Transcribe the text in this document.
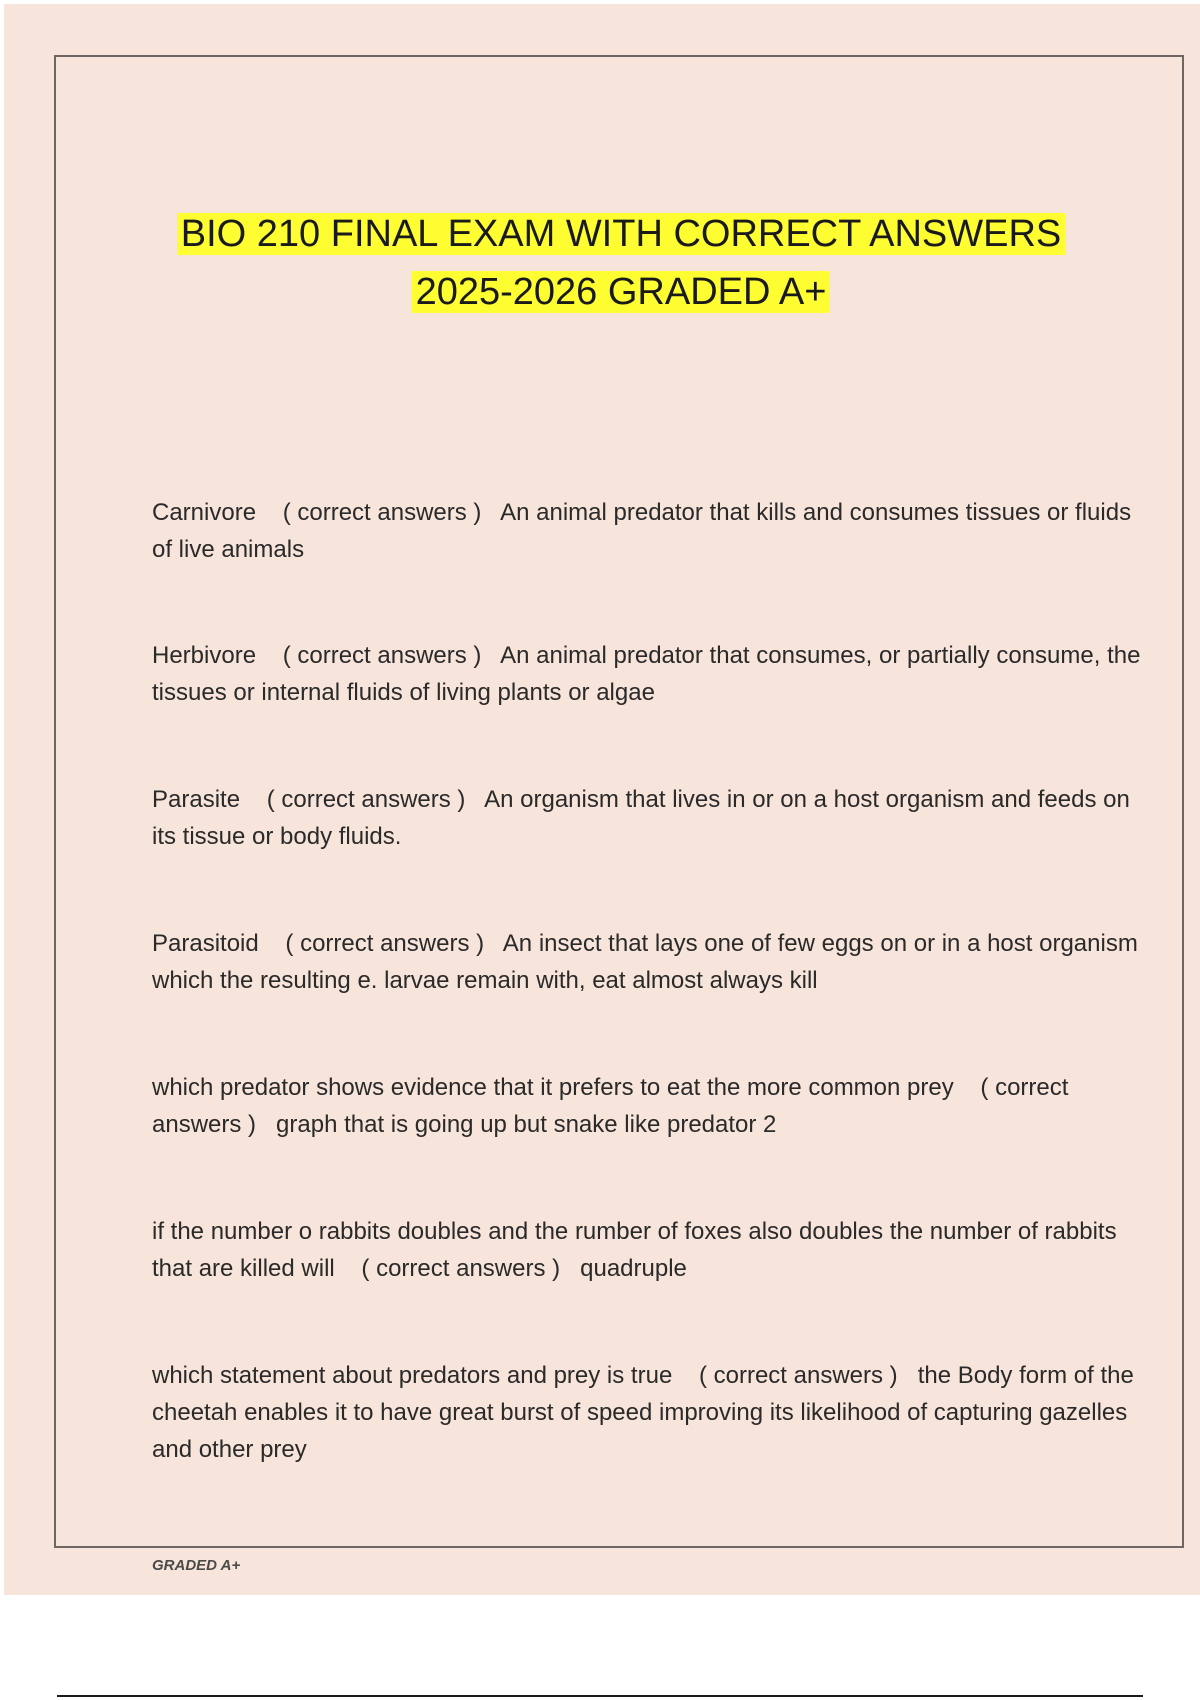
BIO 210 FINAL EXAM WITH CORRECT ANSWERS
2025-2026 GRADED A+
Carnivore ( correct answers ) An animal predator that kills and consumes tissues or fluids of live animals
Herbivore ( correct answers ) An animal predator that consumes, or partially consume, the tissues or internal fluids of living plants or algae
Parasite ( correct answers ) An organism that lives in or on a host organism and feeds on its tissue or body fluids.
Parasitoid ( correct answers ) An insect that lays one of few eggs on or in a host organism which the resulting e. larvae remain with, eat almost always kill
which predator shows evidence that it prefers to eat the more common prey ( correct answers ) graph that is going up but snake like predator 2
if the number o rabbits doubles and the rumber of foxes also doubles the number of rabbits that are killed will ( correct answers ) quadruple
which statement about predators and prey is true ( correct answers ) the Body form of the cheetah enables it to have great burst of speed improving its likelihood of capturing gazelles and other prey
GRADED A+
